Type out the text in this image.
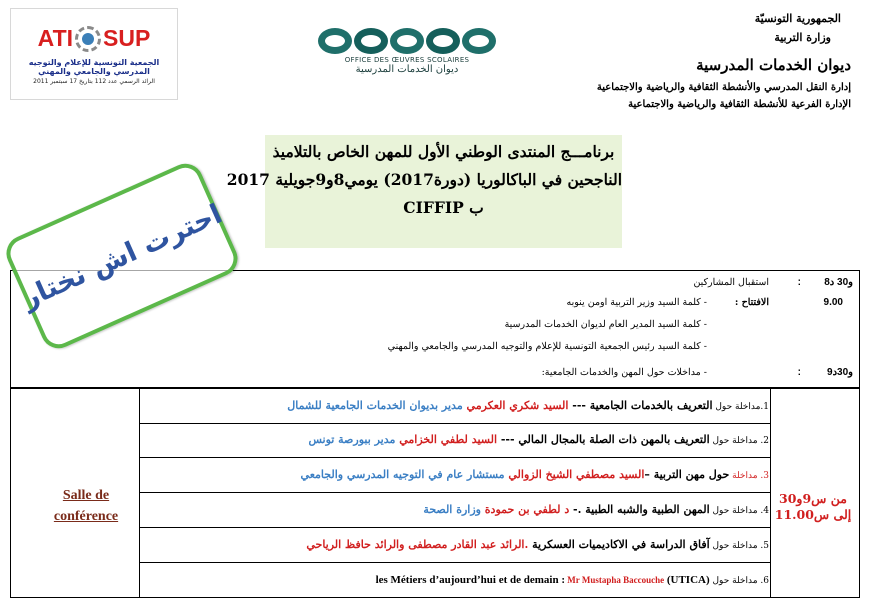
الجمهورية التونسيّة
وزارة التربية
ديوان الخدمات المدرسية
إدارة النقل المدرسي والأنشطة الثقافية والرياضية والاجتماعية
الإدارة الفرعية للأنشطة الثقافية والرياضية والاجتماعية
OFFICE DES ŒUVRES SCOLAIRES
ديوان الخدمات المدرسية
ATI SUP
الجمعية التونسية للإعلام والتوجيه المدرسي والجامعي والمهني
الرائد الرسمي عدد 112 بتاريخ 17 سبتمبر 2011
برنامـــج المنتدى الوطني الأول للمهن الخاص بالتلاميذ
الناجحين في الباكالوريا (دورة2017) يومي8و9جويلية 2017
ب CIFFIP
8و30 د
:
استقبال المشاركين
9.00
الافتتاح :
- كلمة السيد وزير التربية اومن ينوبه
- كلمة السيد المدير العام لديوان الخدمات المدرسية
- كلمة السيد رئيس الجمعية التونسية للإعلام والتوجيه المدرسي والجامعي والمهني
9و30د
:
- مداخلات حول المهن والخدمات الجامعية:
Salle de
conférence
من س9و30
إلى س11.00
1.مداخلة حول التعريف بالخدمات الجامعية --- السيد شكري العكرمي مدير بديوان الخدمات الجامعية للشمال
2. مداخلة حول التعريف بالمهن ذات الصلة بالمجال المالي --- السيد لطفي الخزامي مدير ببورصة تونس
3. مداخلة حول مهن التربية –السيد مصطفي الشيخ الزوالي مستشار عام في التوجيه المدرسي والجامعي
4. مداخلة حول المهن الطبية والشبه الطبية .- د لطفي بن حمودة وزارة الصحة
5. مداخلة حول آفاق الدراسة في الاكاديميات العسكرية .الرائد عبد القادر مصطفى والرائد حافظ الرياحي
6. مداخلة حول (UTICA) les Métiers d’aujourd’hui et de demain : Mr Mustapha Baccouche
احترت اش نختار
